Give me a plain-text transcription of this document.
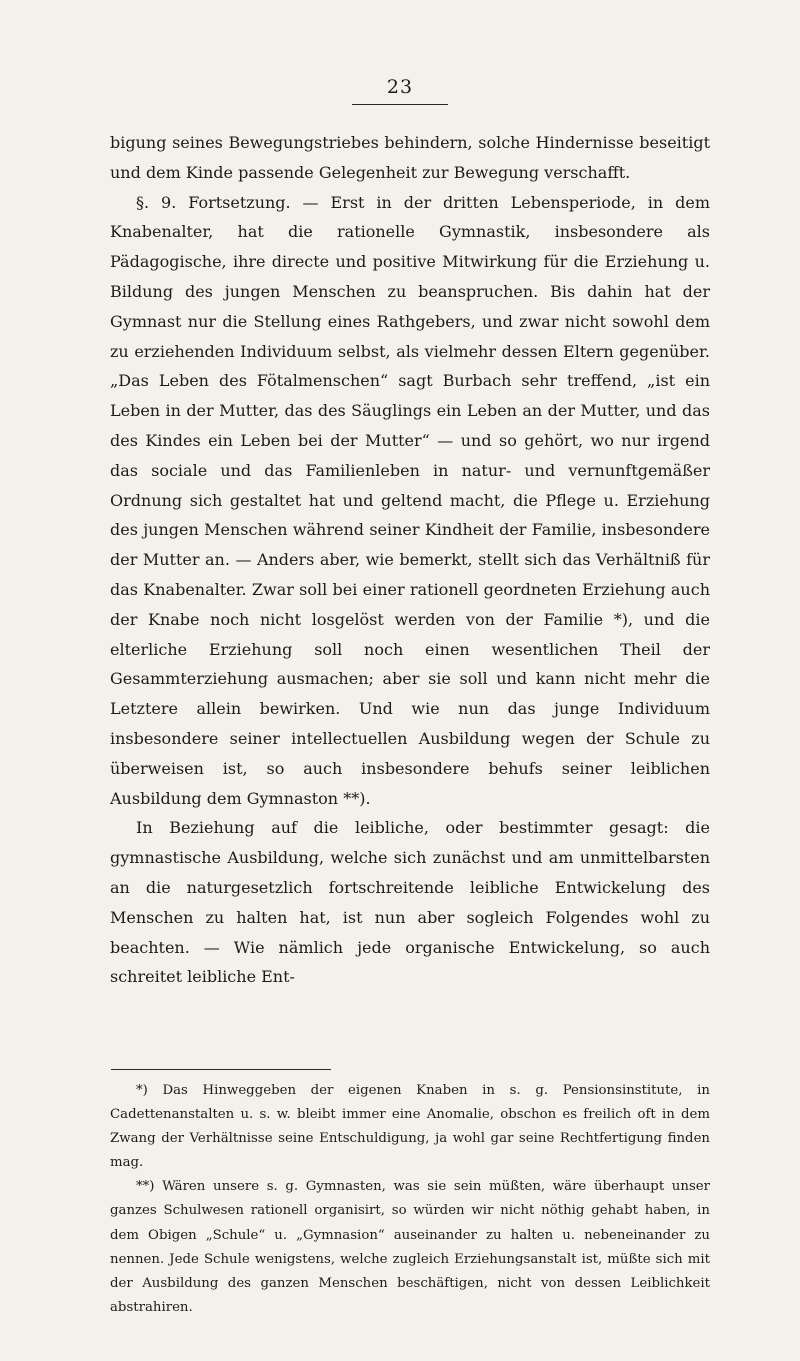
23

bigung seines Bewegungstriebes behindern, solche Hindernisse beseitigt und dem Kinde passende Gelegenheit zur Bewegung verschafft.

§. 9. Fortsetzung. — Erst in der dritten Lebensperiode, in dem Knabenalter, hat die rationelle Gymnastik, insbesondere als Pädagogische, ihre directe und positive Mitwirkung für die Erziehung u. Bildung des jungen Menschen zu beanspruchen. Bis dahin hat der Gymnast nur die Stellung eines Rathgebers, und zwar nicht sowohl dem zu erziehenden Individuum selbst, als vielmehr dessen Eltern gegenüber. „Das Leben des Fötalmenschen“ sagt Burbach sehr treffend, „ist ein Leben in der Mutter, das des Säuglings ein Leben an der Mutter, und das des Kindes ein Leben bei der Mutter“ — und so gehört, wo nur irgend das sociale und das Familienleben in natur- und vernunftgemäßer Ordnung sich gestaltet hat und geltend macht, die Pflege u. Erziehung des jungen Menschen während seiner Kindheit der Familie, insbesondere der Mutter an. — Anders aber, wie bemerkt, stellt sich das Verhältniß für das Knabenalter. Zwar soll bei einer rationell geordneten Erziehung auch der Knabe noch nicht losgelöst werden von der Familie *), und die elterliche Erziehung soll noch einen wesentlichen Theil der Gesammterziehung ausmachen; aber sie soll und kann nicht mehr die Letztere allein bewirken. Und wie nun das junge Individuum insbesondere seiner intellectuellen Ausbildung wegen der Schule zu überweisen ist, so auch insbesondere behufs seiner leiblichen Ausbildung dem Gymnaston **).

In Beziehung auf die leibliche, oder bestimmter gesagt: die gymnastische Ausbildung, welche sich zunächst und am unmittelbarsten an die naturgesetzlich fortschreitende leibliche Entwickelung des Menschen zu halten hat, ist nun aber sogleich Folgendes wohl zu beachten. — Wie nämlich jede organische Entwickelung, so auch schreitet leibliche Ent-

*) Das Hinweggeben der eigenen Knaben in s. g. Pensionsinstitute, in Cadettenanstalten u. s. w. bleibt immer eine Anomalie, obschon es freilich oft in dem Zwang der Verhältnisse seine Entschuldigung, ja wohl gar seine Rechtfertigung finden mag.

**) Wären unsere s. g. Gymnasten, was sie sein müßten, wäre überhaupt unser ganzes Schulwesen rationell organisirt, so würden wir nicht nöthig gehabt haben, in dem Obigen „Schule“ u. „Gymnasion“ auseinander zu halten u. nebeneinander zu nennen. Jede Schule wenigstens, welche zugleich Erziehungsanstalt ist, müßte sich mit der Ausbildung des ganzen Menschen beschäftigen, nicht von dessen Leiblichkeit abstrahiren.
